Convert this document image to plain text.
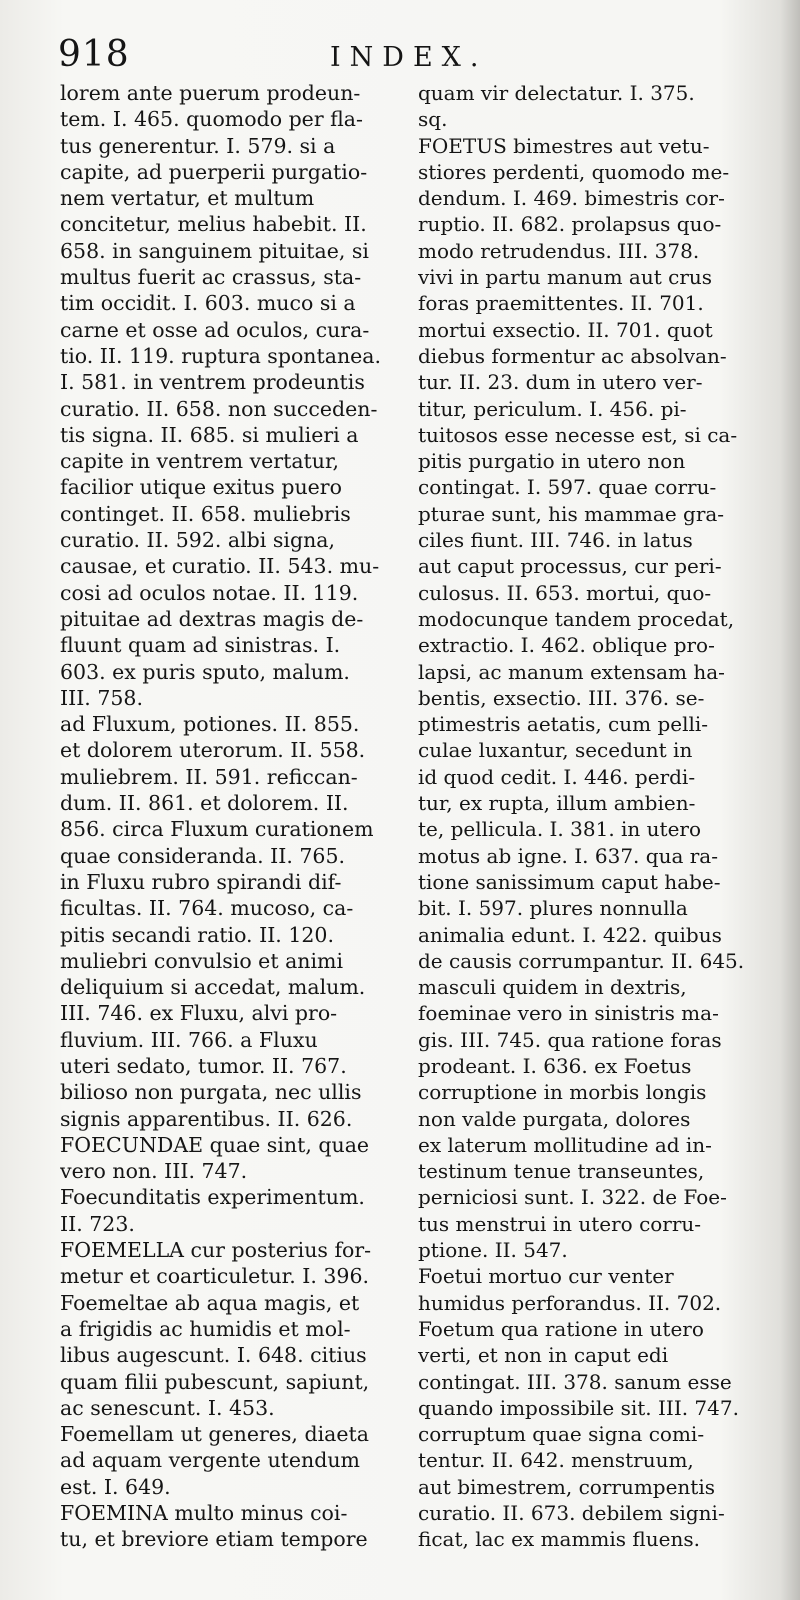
918	INDEX.
lorem ante puerum prodeun-
tem. I. 465. quomodo per fla-
tus generentur. I. 579. si a
capite, ad puerperii purgatio-
nem vertatur, et multum
concitetur, melius habebit. II.
658. in sanguinem pituitae, si
multus fuerit ac crassus, sta-
tim occidit. I. 603. muco si a
carne et osse ad oculos, cura-
tio. II. 119. ruptura spontanea.
I. 581. in ventrem prodeuntis
curatio. II. 658. non succeden-
tis signa. II. 685. si mulieri a
capite in ventrem vertatur,
facilior utique exitus puero
continget. II. 658. muliebris
curatio. II. 592. albi signa,
causae, et curatio. II. 543. mu-
cosi ad oculos notae. II. 119.
pituitae ad dextras magis de-
fluunt quam ad sinistras. I.
603. ex puris sputo, malum.
III. 758.
ad Fluxum, potiones. II. 855.
et dolorem uterorum. II. 558.
muliebrem. II. 591. reficcan-
dum. II. 861. et dolorem. II.
856. circa Fluxum curationem
quae consideranda. II. 765.
in Fluxu rubro spirandi dif-
ficultas. II. 764. mucoso, ca-
pitis secandi ratio. II. 120.
muliebri convulsio et animi
deliquium si accedat, malum.
III. 746. ex Fluxu, alvi pro-
fluvium. III. 766. a Fluxu
uteri sedato, tumor. II. 767.
bilioso non purgata, nec ullis
signis apparentibus. II. 626.
FOECUNDAE quae sint, quae
vero non. III. 747.
Foecunditatis experimentum.
II. 723.
FOEMELLA cur posterius for-
metur et coarticuletur. I. 396.
Foemeltae ab aqua magis, et
a frigidis ac humidis et mol-
libus augescunt. I. 648. citius
quam filii pubescunt, sapiunt,
ac senescunt. I. 453.
Foemellam ut generes, diaeta
ad aquam vergente utendum
est. I. 649.
FOEMINA multo minus coi-
tu, et breviore etiam tempore
quam vir delectatur. I. 375.
sq.
FOETUS bimestres aut vetu-
stiores perdenti, quomodo me-
dendum. I. 469. bimestris cor-
ruptio. II. 682. prolapsus quo-
modo retrudendus. III. 378.
vivi in partu manum aut crus
foras praemittentes. II. 701.
mortui exsectio. II. 701. quot
diebus formentur ac absolvan-
tur. II. 23. dum in utero ver-
titur, periculum. I. 456. pi-
tuitosos esse necesse est, si ca-
pitis purgatio in utero non
contingat. I. 597. quae corru-
pturae sunt, his mammae gra-
ciles fiunt. III. 746. in latus
aut caput processus, cur peri-
culosus. II. 653. mortui, quo-
modocunque tandem procedat,
extractio. I. 462. oblique pro-
lapsi, ac manum extensam ha-
bentis, exsectio. III. 376. se-
ptimestris aetatis, cum pelli-
culae luxantur, secedunt in
id quod cedit. I. 446. perdi-
tur, ex rupta, illum ambien-
te, pellicula. I. 381. in utero
motus ab igne. I. 637. qua ra-
tione sanissimum caput habe-
bit. I. 597. plures nonnulla
animalia edunt. I. 422. quibus
de causis corrumpantur. II. 645.
masculi quidem in dextris,
foeminae vero in sinistris ma-
gis. III. 745. qua ratione foras
prodeant. I. 636. ex Foetus
corruptione in morbis longis
non valde purgata, dolores
ex laterum mollitudine ad in-
testinum tenue transeuntes,
perniciosi sunt. I. 322. de Foe-
tus menstrui in utero corru-
ptione. II. 547.
Foetui mortuo cur venter
humidus perforandus. II. 702.
Foetum qua ratione in utero
verti, et non in caput edi
contingat. III. 378. sanum esse
quando impossibile sit. III. 747.
corruptum quae signa comi-
tentur. II. 642. menstruum,
aut bimestrem, corrumpentis
curatio. II. 673. debilem signi-
ficat, lac ex mammis fluens.
